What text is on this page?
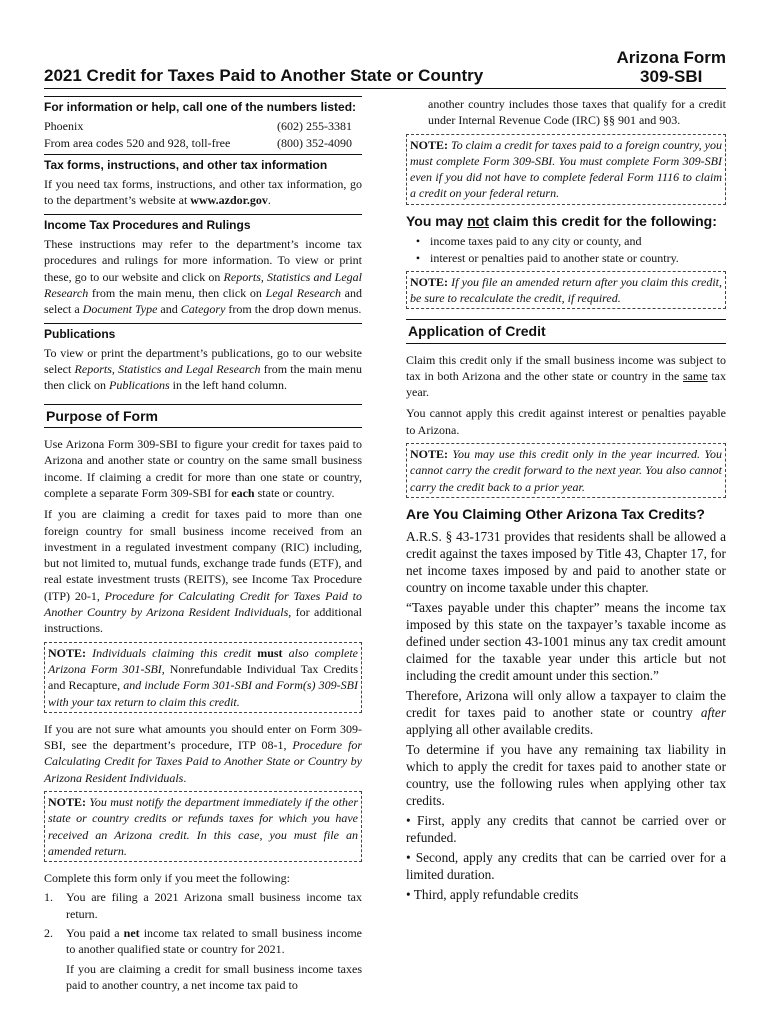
2021 Credit for Taxes Paid to Another State or Country
Arizona Form
309-SBI
For information or help, call one of the numbers listed:
Phoenix	(602) 255-3381
From area codes 520 and 928, toll-free	(800) 352-4090
Tax forms, instructions, and other tax information

If you need tax forms, instructions, and other tax information, go to the department’s website at www.azdor.gov.

Income Tax Procedures and Rulings

These instructions may refer to the department’s income tax procedures and rulings for more information. To view or print these, go to our website and click on Reports, Statistics and Legal Research from the main menu, then click on Legal Research and select a Document Type and Category from the drop down menus.

Publications

To view or print the department’s publications, go to our website select Reports, Statistics and Legal Research from the main menu then click on Publications in the left hand column.

Purpose of Form

Use Arizona Form 309-SBI to figure your credit for taxes paid to Arizona and another state or country on the same small business income. If claiming a credit for more than one state or country, complete a separate Form 309-SBI for each state or country.

If you are claiming a credit for taxes paid to more than one foreign country for small business income received from an investment in a regulated investment company (RIC) including, but not limited to, mutual funds, exchange trade funds (ETF), and real estate investment trusts (REITS), see Income Tax Procedure (ITP) 20-1, Procedure for Calculating Credit for Taxes Paid to Another Country by Arizona Resident Individuals, for additional instructions.

NOTE: Individuals claiming this credit must also complete Arizona Form 301-SBI, Nonrefundable Individual Tax Credits and Recapture, and include Form 301-SBI and Form(s) 309-SBI with your tax return to claim this credit.

If you are not sure what amounts you should enter on Form 309-SBI, see the department’s procedure, ITP 08-1, Procedure for Calculating Credit for Taxes Paid to Another State or Country by Arizona Resident Individuals.

NOTE: You must notify the department immediately if the other state or country credits or refunds taxes for which you have received an Arizona credit. In this case, you must file an amended return.

Complete this form only if you meet the following:

1.	You are filing a 2021 Arizona small business income tax return.
2.	You paid a net income tax related to small business income to another qualified state or country for 2021.

If you are claiming a credit for small business income taxes paid to another country, a net income tax paid to

another country includes those taxes that qualify for a credit under Internal Revenue Code (IRC) §§ 901 and 903.

NOTE: To claim a credit for taxes paid to a foreign country, you must complete Form 309-SBI. You must complete Form 309-SBI even if you did not have to complete federal Form 1116 to claim a credit on your federal return.
You may not claim this credit for the following:
• income taxes paid to any city or county, and
• interest or penalties paid to another state or country.
NOTE: If you file an amended return after you claim this credit, be sure to recalculate the credit, if required.
Application of Credit

Claim this credit only if the small business income was subject to tax in both Arizona and the other state or country in the same tax year.

You cannot apply this credit against interest or penalties payable to Arizona.

NOTE: You may use this credit only in the year incurred. You cannot carry the credit forward to the next year. You also cannot carry the credit back to a prior year.
Are You Claiming Other Arizona Tax Credits?

A.R.S. § 43-1731 provides that residents shall be allowed a credit against the taxes imposed by Title 43, Chapter 17, for net income taxes imposed by and paid to another state or country on income taxable under this chapter.

“Taxes payable under this chapter” means the income tax imposed by this state on the taxpayer’s taxable income as defined under section 43-1001 minus any tax credit amount claimed for the taxable year under this article but not including the credit amount under this section.”

Therefore, Arizona will only allow a taxpayer to claim the credit for taxes paid to another state or country after applying all other available credits.

To determine if you have any remaining tax liability in which to apply the credit for taxes paid to another state or country, use the following rules when applying other tax credits.

• First, apply any credits that cannot be carried over or refunded.

• Second, apply any credits that can be carried over for a limited duration.

• Third, apply refundable credits
